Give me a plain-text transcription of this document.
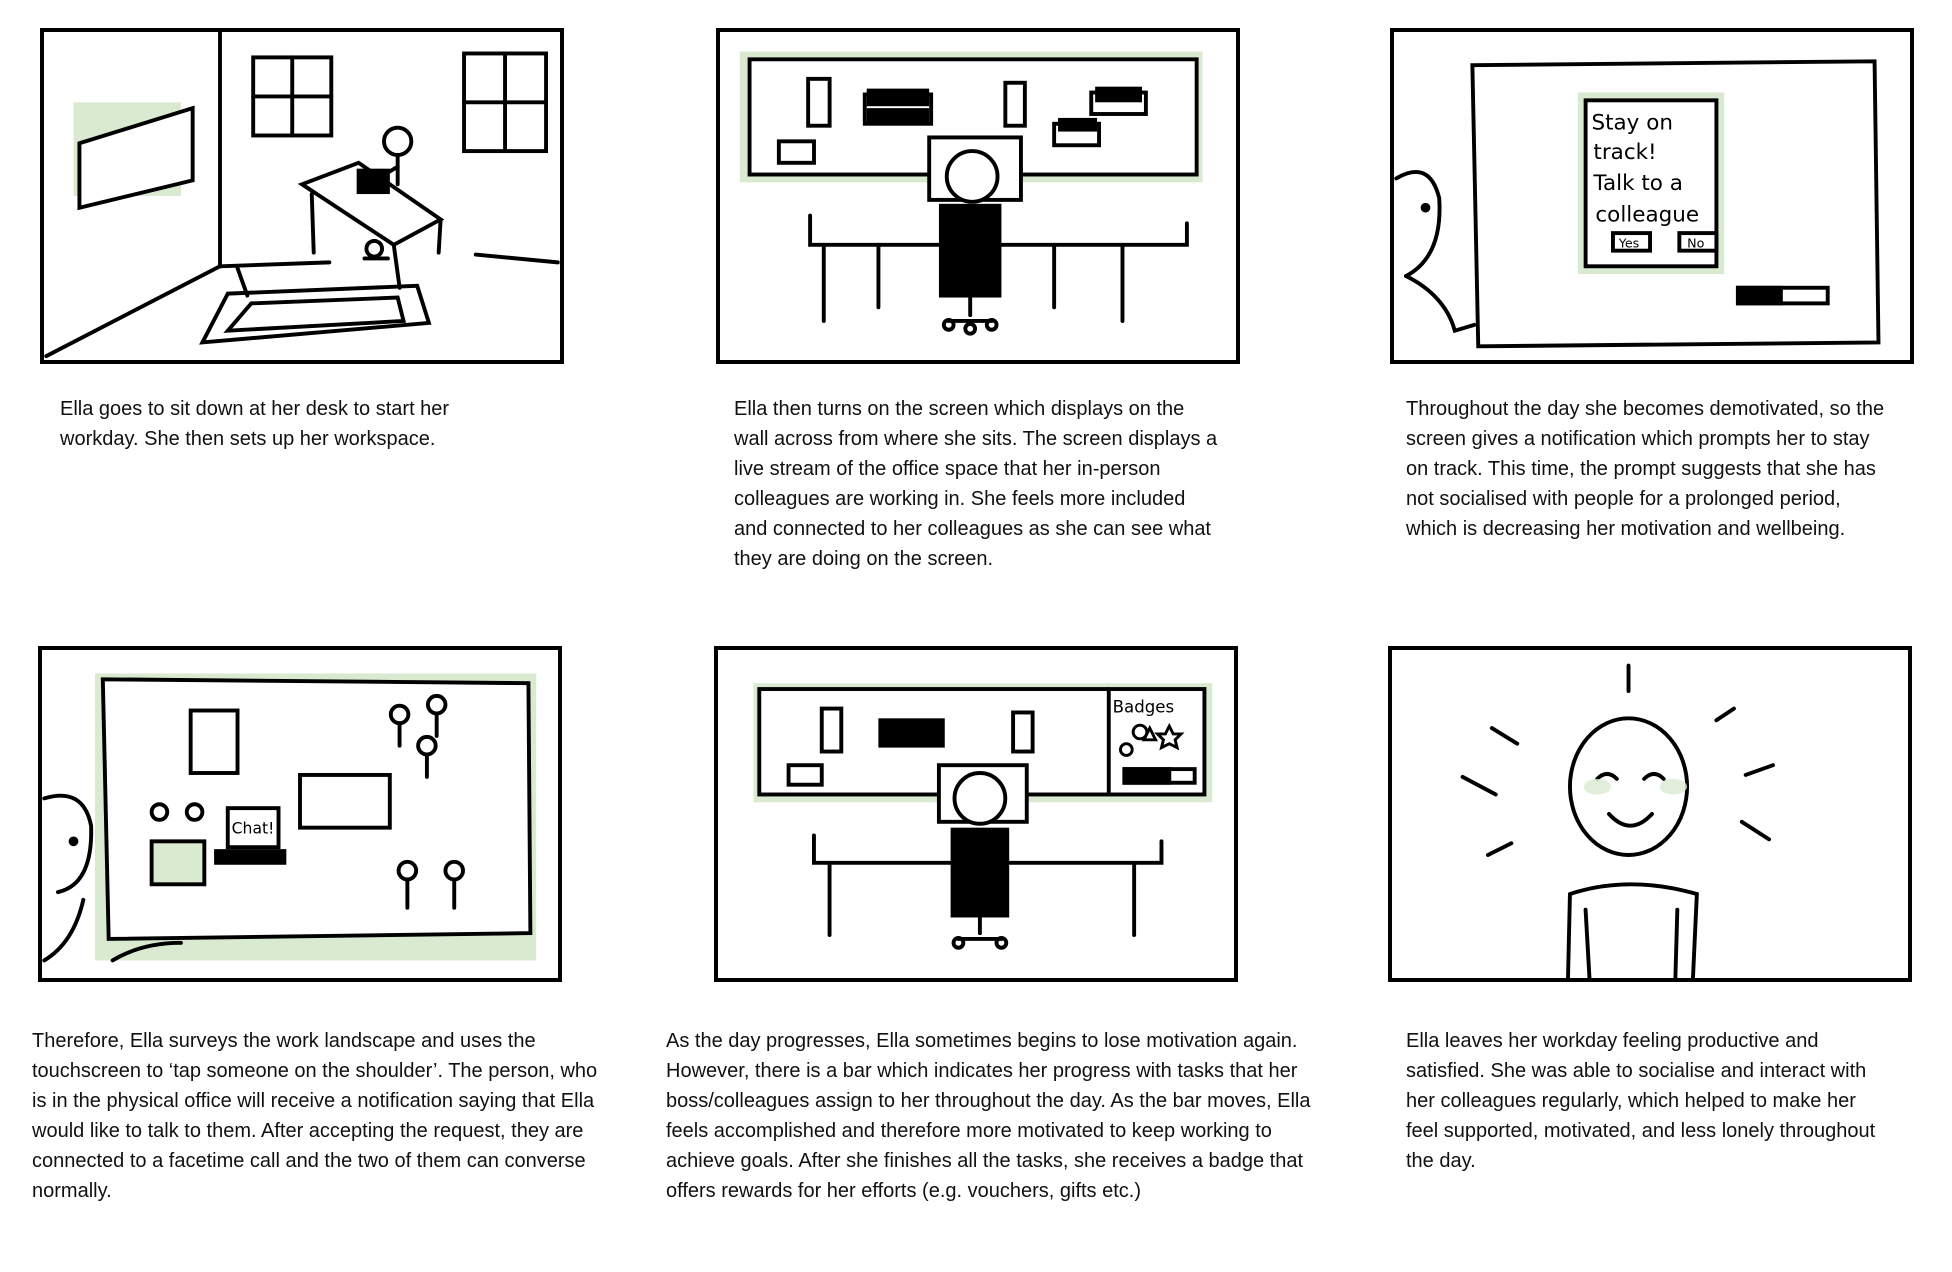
Ella goes to sit down at her desk to start her workday. She then sets up her workspace.

Ella then turns on the screen which displays on the wall across from where she sits. The screen displays a live stream of the office space that her in-person colleagues are working in. She feels more included and connected to her colleagues as she can see what they are doing on the screen.

Stay on
track!
Talk to a
colleague
Yes	No

Throughout the day she becomes demotivated, so the screen gives a notification which prompts her to stay on track. This time, the prompt suggests that she has not socialised with people for a prolonged period, which is decreasing her motivation and wellbeing.

Chat!

Therefore, Ella surveys the work landscape and uses the touchscreen to ‘tap someone on the shoulder’. The person, who is in the physical office will receive a notification saying that Ella would like to talk to them. After accepting the request, they are connected to a facetime call and the two of them can converse normally.

Badges

As the day progresses, Ella sometimes begins to lose motivation again. However, there is a bar which indicates her progress with tasks that her boss/colleagues assign to her throughout the day. As the bar moves, Ella feels accomplished and therefore more motivated to keep working to achieve goals. After she finishes all the tasks, she receives a badge that offers rewards for her efforts (e.g. vouchers, gifts etc.)

Ella leaves her workday feeling productive and satisfied. She was able to socialise and interact with her colleagues regularly, which helped to make her feel supported, motivated, and less lonely throughout the day.
